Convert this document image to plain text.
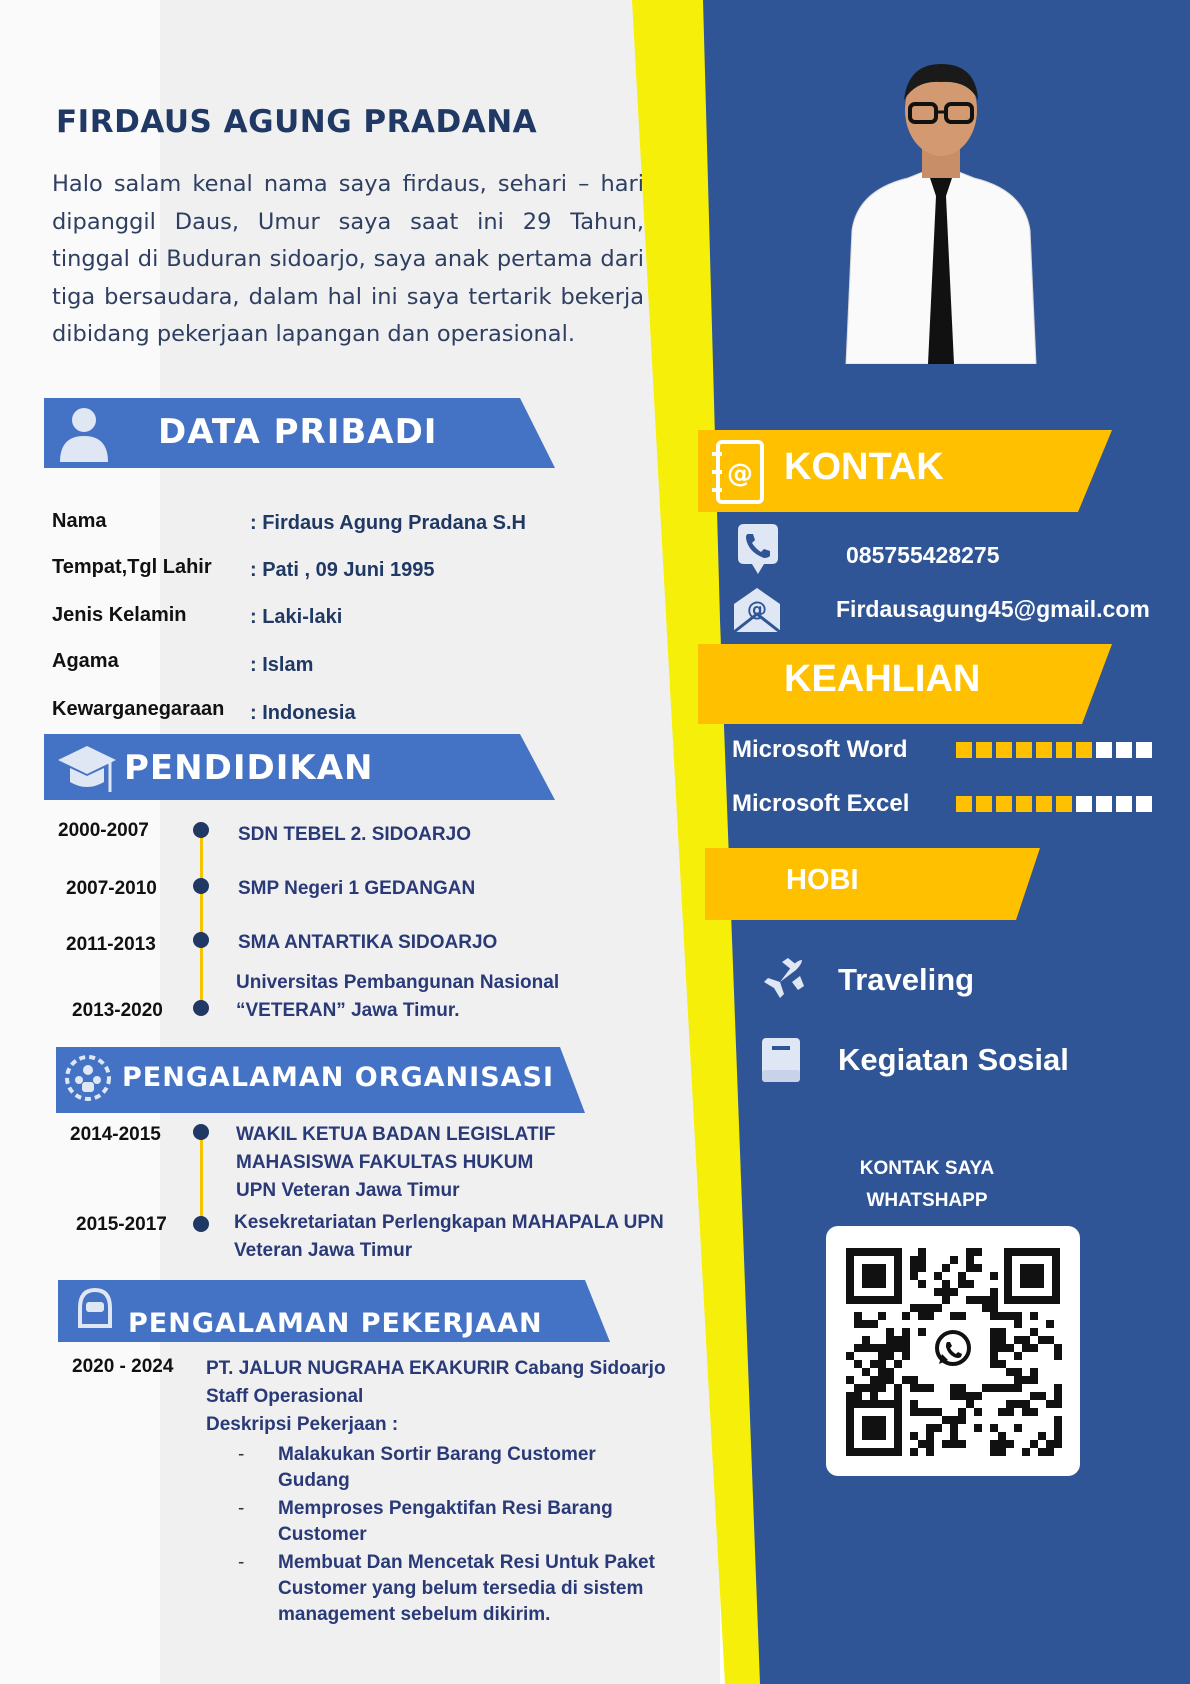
FIRDAUS AGUNG PRADANA
Halo salam kenal nama saya firdaus, sehari – hari dipanggil Daus, Umur saya saat ini 29 Tahun, tinggal di Buduran sidoarjo, saya anak pertama dari tiga bersaudara, dalam hal ini saya tertarik bekerja dibidang pekerjaan lapangan dan operasional.
DATA PRIBADI
Nama	: Firdaus Agung Pradana S.H
Tempat,Tgl Lahir : Pati , 09 Juni 1995
Jenis Kelamin	: Laki-laki
Agama	: Islam
Kewarganegaraan : Indonesia
PENDIDIKAN
2000-2007	SDN TEBEL 2. SIDOARJO
2007-2010	SMP Negeri 1 GEDANGAN
2011-2013	SMA ANTARTIKA SIDOARJO
2013-2020
Universitas Pembangunan Nasional
“VETERAN” Jawa Timur.
PENGALAMAN ORGANISASI
2014-2015	WAKIL KETUA BADAN LEGISLATIF
MAHASISWA FAKULTAS HUKUM
UPN Veteran Jawa Timur
2015-2017	Kesekretariatan Perlengkapan MAHAPALA UPN
Veteran Jawa Timur
PENGALAMAN PEKERJAAN
2020 - 2024 PT. JALUR NUGRAHA EKAKURIR Cabang Sidoarjo
Staff Operasional
Deskripsi Pekerjaan :
- Malakukan Sortir Barang Customer Gudang
- Memproses Pengaktifan Resi Barang Customer
- Membuat Dan Mencetak Resi Untuk Paket Customer yang belum tersedia di sistem management sebelum dikirim.
@ KONTAK
085755428275
@	Firdausagung45@gmail.com
KEAHLIAN
Microsoft Word
Microsoft Excel
HOBI
Traveling
Kegiatan Sosial
KONTAK SAYA
WHATSHAPP
